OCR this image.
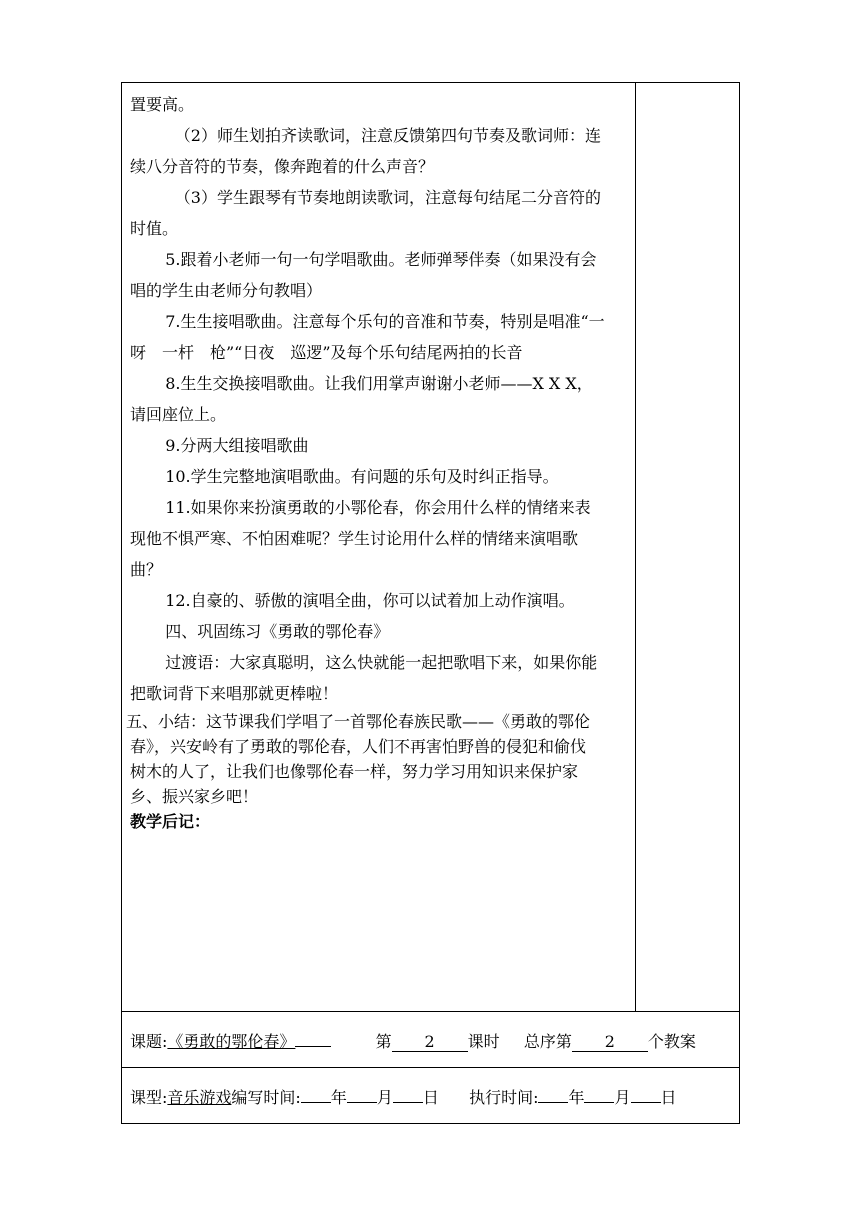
置要高。

（2）师生划拍齐读歌词，注意反馈第四句节奏及歌词师：连

续八分音符的节奏，像奔跑着的什么声音？

（3）学生跟琴有节奏地朗读歌词，注意每句结尾二分音符的

时值。

5.跟着小老师一句一句学唱歌曲。老师弹琴伴奏（如果没有会

唱的学生由老师分句教唱）

7.生生接唱歌曲。注意每个乐句的音准和节奏，特别是唱准“一

呀　一杆　枪”“日夜　巡逻”及每个乐句结尾两拍的长音

8.生生交换接唱歌曲。让我们用掌声谢谢小老师——X X X，

请回座位上。

9.分两大组接唱歌曲

10.学生完整地演唱歌曲。有问题的乐句及时纠正指导。

11.如果你来扮演勇敢的小鄂伦春，你会用什么样的情绪来表

现他不惧严寒、不怕困难呢？学生讨论用什么样的情绪来演唱歌

曲？

12.自豪的、骄傲的演唱全曲，你可以试着加上动作演唱。

四、巩固练习《勇敢的鄂伦春》

过渡语：大家真聪明，这么快就能一起把歌唱下来，如果你能

把歌词背下来唱那就更棒啦！

五、小结：这节课我们学唱了一首鄂伦春族民歌——《勇敢的鄂伦

春》，兴安岭有了勇敢的鄂伦春，人们不再害怕野兽的侵犯和偷伐

树木的人了，让我们也像鄂伦春一样，努力学习用知识来保护家

乡、振兴家乡吧！

教学后记：

课题:《勇敢的鄂伦春》	第 2 课时 总序第 2 个教案
课型:音乐游戏编写时间: 年 月 日 执行时间: 年 月 日
